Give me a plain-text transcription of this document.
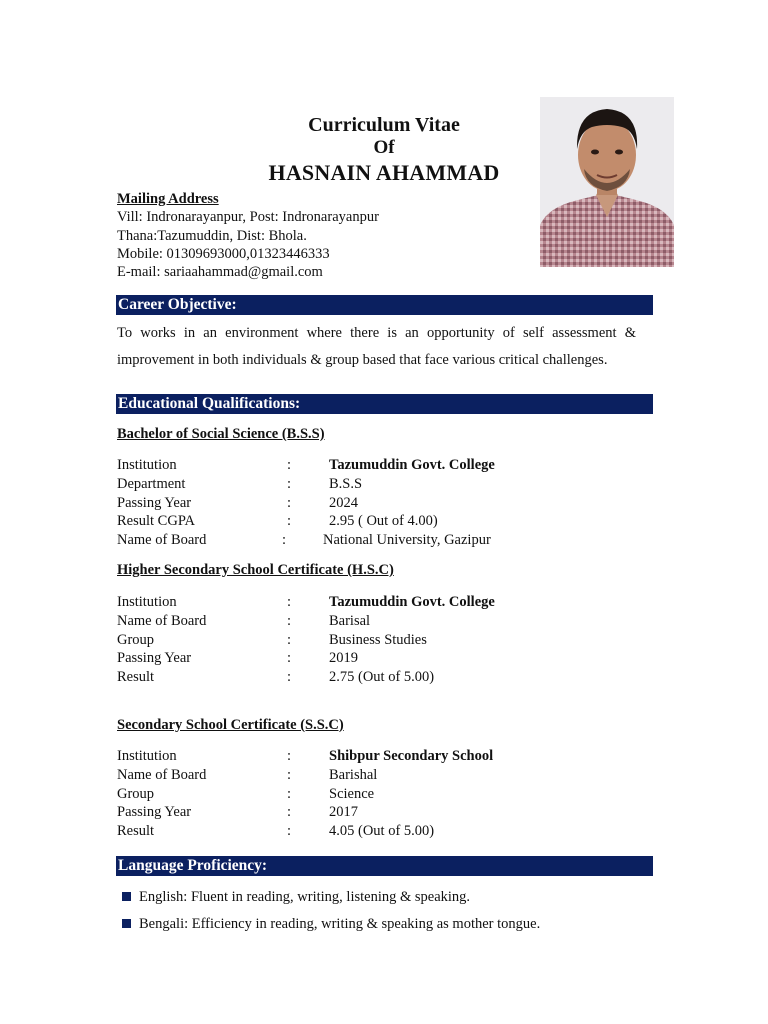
Curriculum Vitae
Of
HASNAIN AHAMMAD
Mailing Address
Vill: Indronarayanpur, Post: Indronarayanpur
Thana:Tazumuddin, Dist: Bhola.
Mobile: 01309693000,01323446333
E-mail: sariaahammad@gmail.com
Career Objective:
To works in an environment where there is an opportunity of self assessment & improvement in both individuals & group based that face various critical challenges.
Educational Qualifications:
Bachelor of Social Science (B.S.S)
Institution	:	Tazumuddin Govt. College
Department	:	B.S.S
Passing Year	:	2024
Result CGPA	:	2.95 ( Out of 4.00)
Name of Board	:	National University, Gazipur
Higher Secondary School Certificate (H.S.C)
Institution	:	Tazumuddin Govt. College
Name of Board	:	Barisal
Group	:	Business Studies
Passing Year	:	2019
Result	:	2.75 (Out of 5.00)
Secondary School Certificate (S.S.C)
Institution	:	Shibpur Secondary School
Name of Board	:	Barishal
Group	:	Science
Passing Year	:	2017
Result	:	4.05 (Out of 5.00)
Language Proficiency:
English: Fluent in reading, writing, listening & speaking.
Bengali: Efficiency in reading, writing & speaking as mother tongue.
